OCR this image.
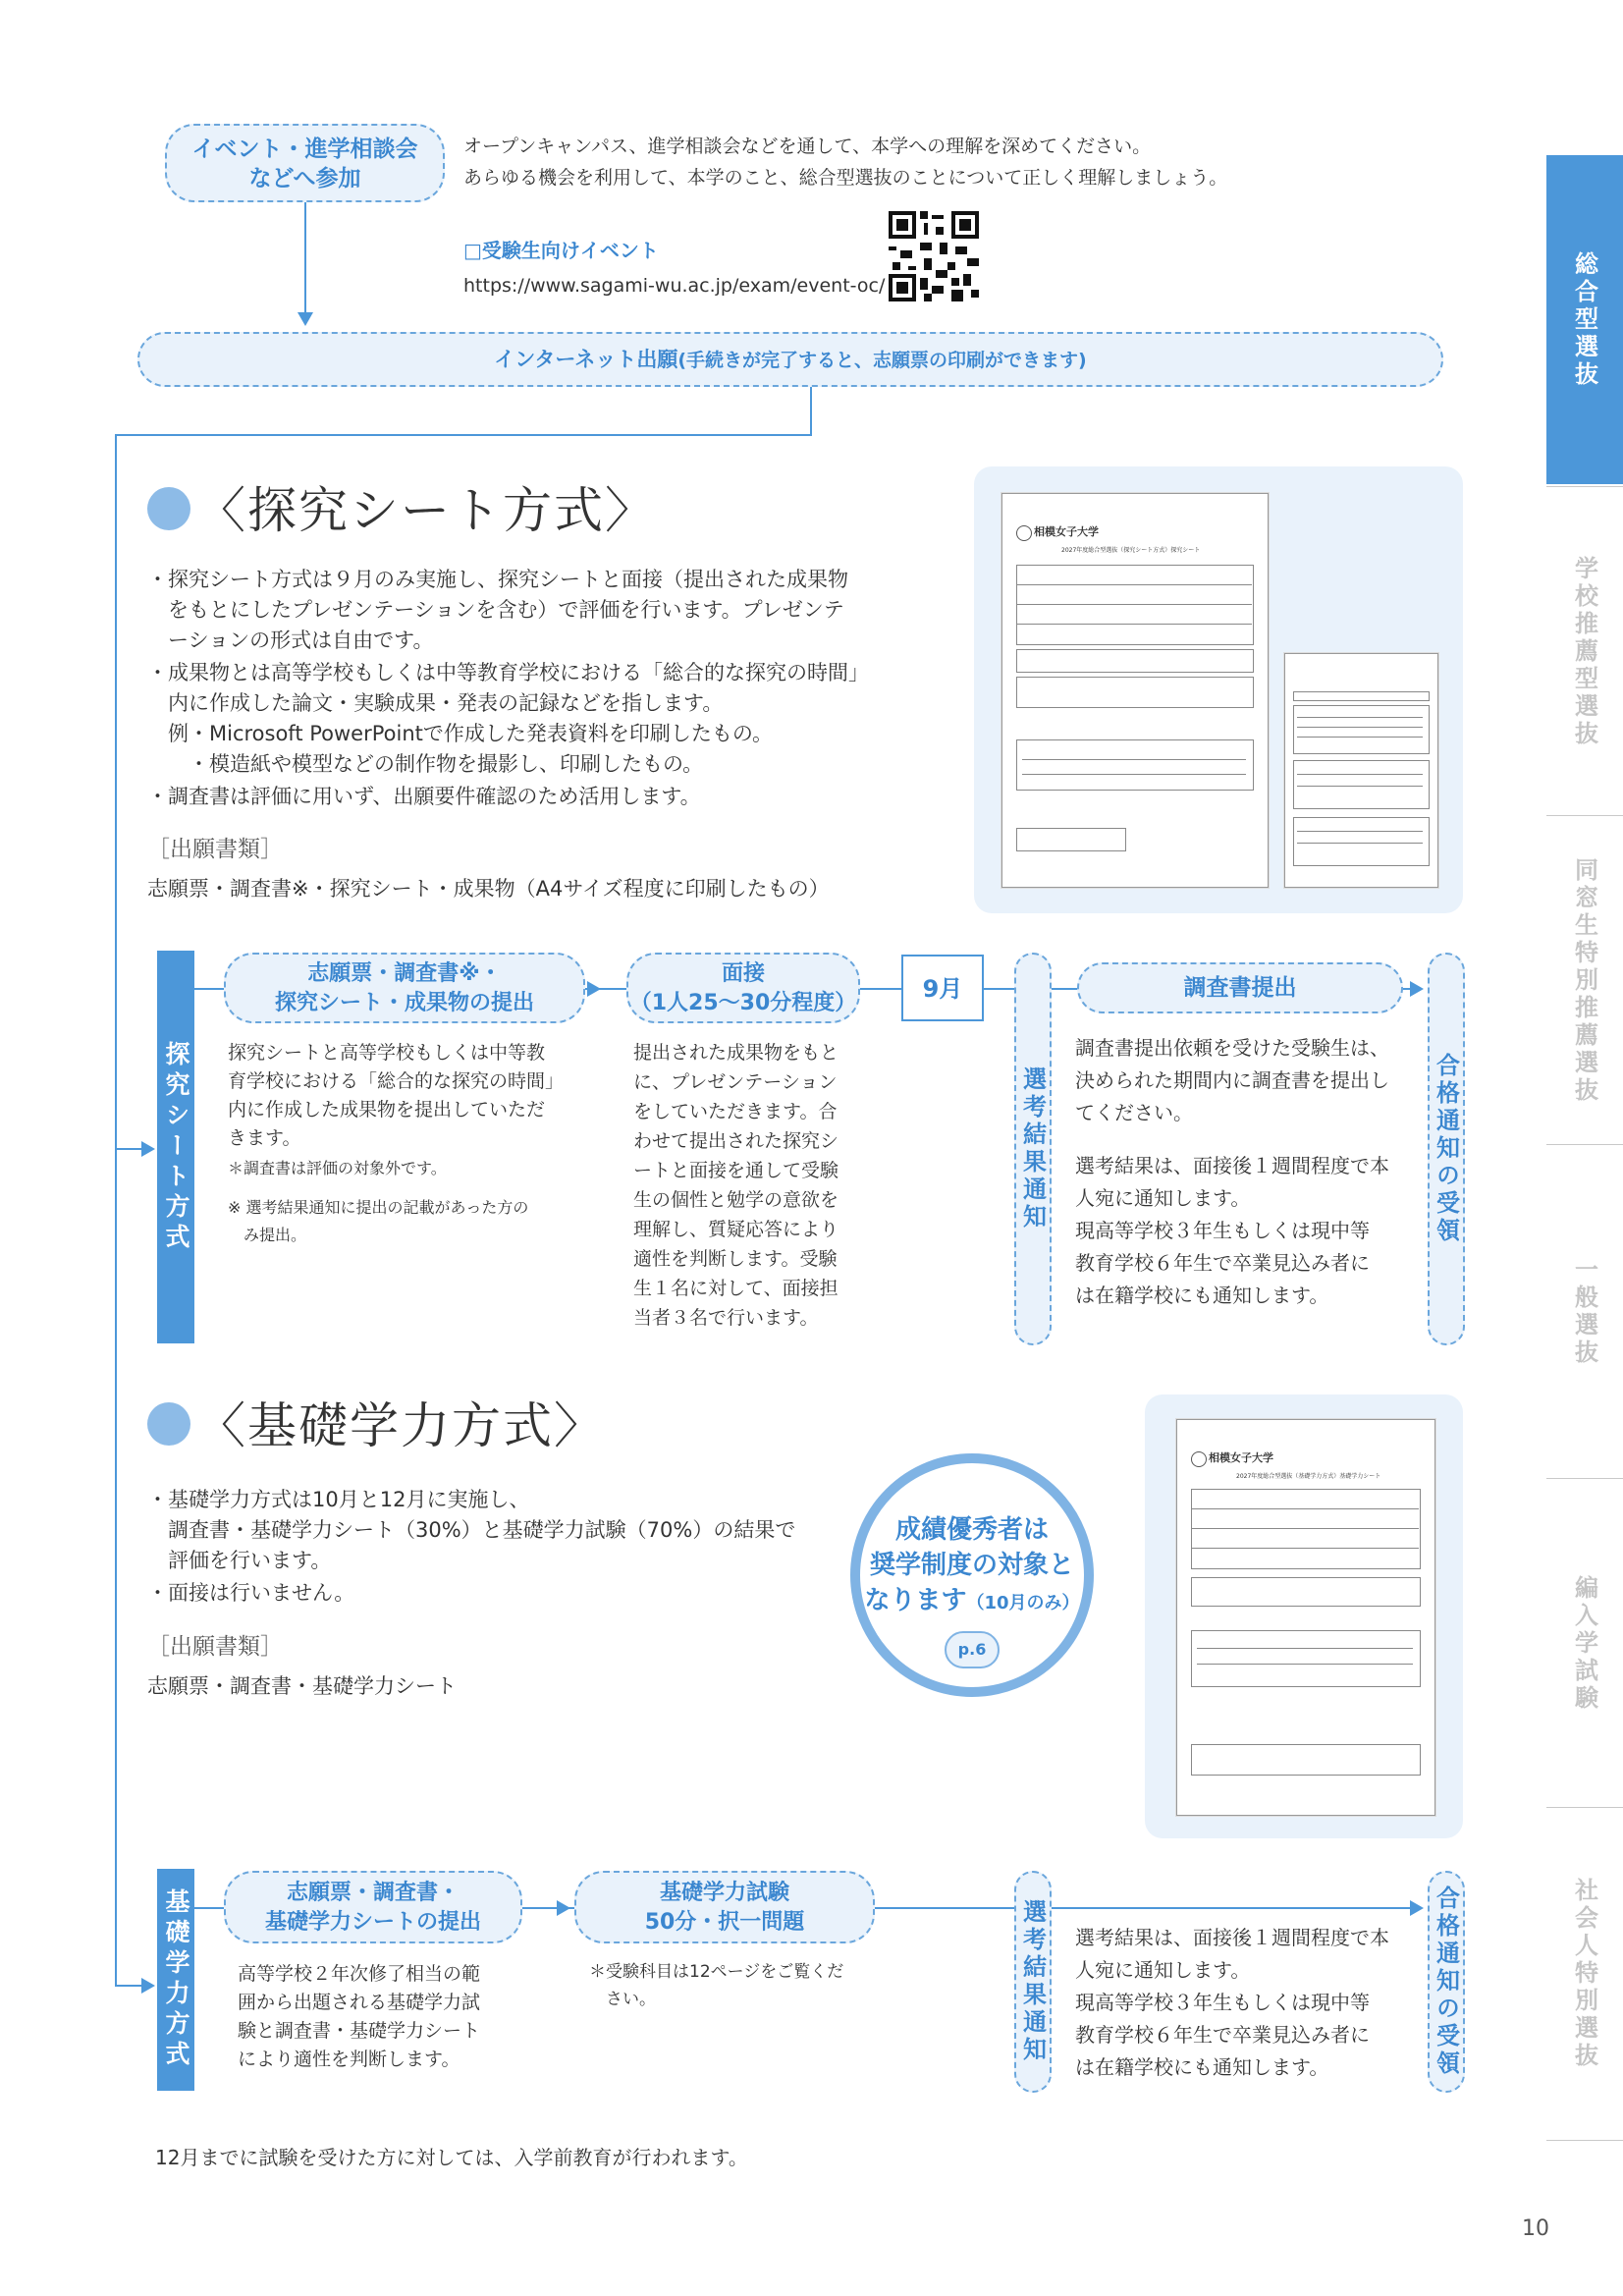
総合型選抜
学校推薦型選抜
同窓生特別推薦選抜
一般選抜
編入学試験
社会人特別選抜
イベント・進学相談会
などへ参加
オープンキャンパス、進学相談会などを通して、本学への理解を深めてください。
あらゆる機会を利用して、本学のこと、総合型選抜のことについて正しく理解しましょう。
□受験生向けイベント
https://www.sagami-wu.ac.jp/exam/event-oc/
インターネット出願(手続きが完了すると、志願票の印刷ができます)
〈探究シート方式〉
・探究シート方式は９月のみ実施し、探究シートと面接（提出された成果物
　をもとにしたプレゼンテーションを含む）で評価を行います。プレゼンテ
　ーションの形式は自由です。
・成果物とは高等学校もしくは中等教育学校における「総合的な探究の時間」
　内に作成した論文・実験成果・発表の記録などを指します。
　例・Microsoft PowerPointで作成した発表資料を印刷したもの。
　　・模造紙や模型などの制作物を撮影し、印刷したもの。
・調査書は評価に用いず、出願要件確認のため活用します。
［出願書類］
志願票・調査書※・探究シート・成果物（A4サイズ程度に印刷したもの）
相模女子大学
2027年度総合型選抜（探究シート方式）探究シート
探究シート方式
志願票・調査書※・
探究シート・成果物の提出
面接
（1人25〜30分程度）
9月
選考結果通知
調査書提出
合格通知の受領
探究シートと高等学校もしくは中等教
育学校における「総合的な探究の時間」
内に作成した成果物を提出していただ
きます。
＊調査書は評価の対象外です。
※ 選考結果通知に提出の記載があった方の
　み提出。
提出された成果物をもと
に、プレゼンテーション
をしていただきます。合
わせて提出された探究シ
ートと面接を通して受験
生の個性と勉学の意欲を
理解し、質疑応答により
適性を判断します。受験
生１名に対して、面接担
当者３名で行います。
調査書提出依頼を受けた受験生は、
決められた期間内に調査書を提出し
てください。
選考結果は、面接後１週間程度で本
人宛に通知します。
現高等学校３年生もしくは現中等
教育学校６年生で卒業見込み者に
は在籍学校にも通知します。
〈基礎学力方式〉
・基礎学力方式は10月と12月に実施し、
　調査書・基礎学力シート（30%）と基礎学力試験（70%）の結果で
　評価を行います。
・面接は行いません。
［出願書類］
志願票・調査書・基礎学力シート
成績優秀者は
奨学制度の対象と
なります（10月のみ）
p.6
相模女子大学
2027年度総合型選抜（基礎学力方式）基礎学力シート
基礎学力方式	志願票・調査書・
基礎学力シートの提出
基礎学力試験
50分・択一問題	選考結果通知	合格通知の受領
高等学校２年次修了相当の範
囲から出題される基礎学力試
験と調査書・基礎学力シート
により適性を判断します。
＊受験科目は12ページをご覧くだ
　さい。
選考結果は、面接後１週間程度で本
人宛に通知します。
現高等学校３年生もしくは現中等
教育学校６年生で卒業見込み者に
は在籍学校にも通知します。
12月までに試験を受けた方に対しては、入学前教育が行われます。
10
